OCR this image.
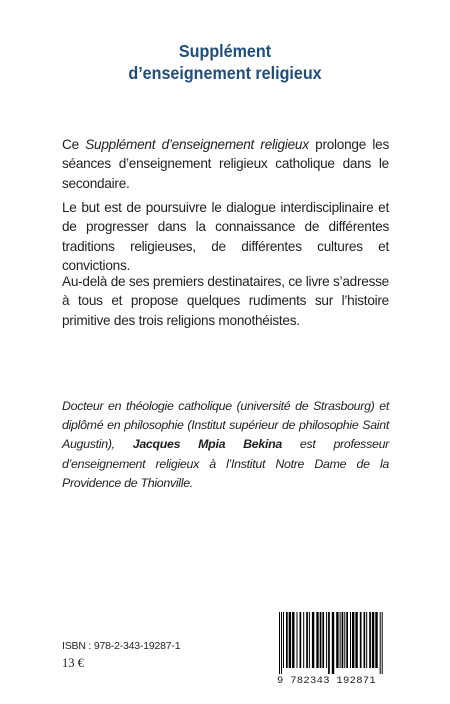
Supplément
d’enseignement religieux
Ce Supplément d’enseignement religieux prolonge les séances d’enseignement religieux catholique dans le secondaire.
Le but est de poursuivre le dialogue interdisciplinaire et de progresser dans la connaissance de différentes traditions religieuses, de différentes cultures et convictions.
Au-delà de ses premiers destinataires, ce livre s’adresse à tous et propose quelques rudiments sur l’histoire primitive des trois religions monothéistes.
Docteur en théologie catholique (université de Strasbourg) et diplômé en philosophie (Institut supérieur de philosophie Saint Augustin), Jacques Mpia Bekina est professeur d’enseignement religieux à l’Institut Notre Dame de la Providence de Thionville.
ISBN : 978-2-343-19287-1
13 €
9 782343 192871
